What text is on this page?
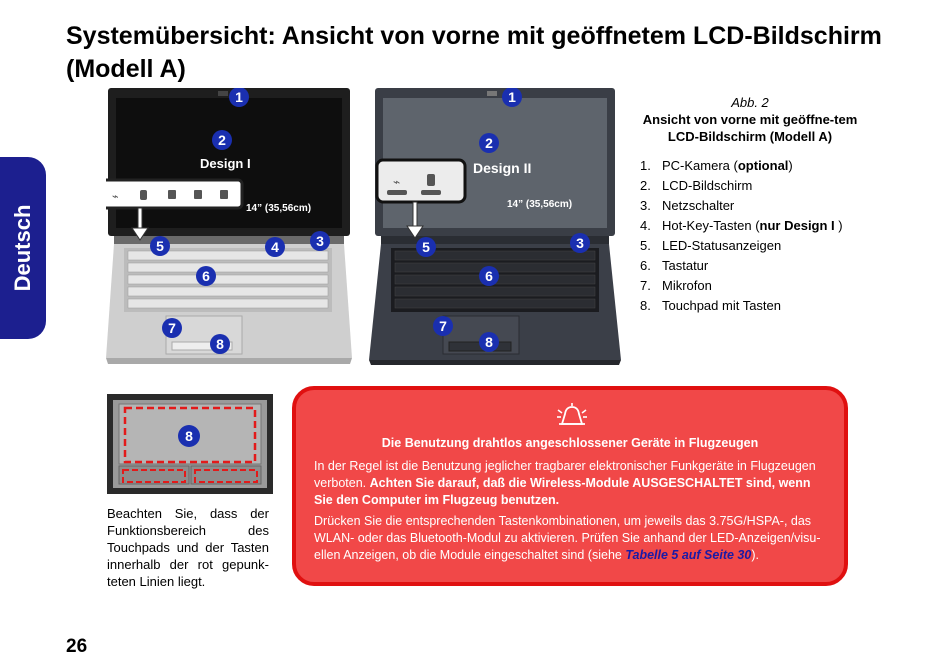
Systemübersicht: Ansicht von vorne mit geöffnetem LCD-Bildschirm (Modell A)
Deutsch
⌁
Design I
14” (35,56cm)
1
2
3
4
5
6
7
8
⌁
Design II
14” (35,56cm)
1
2
3
5
6
7
8
Abb. 2
Ansicht von vorne mit geöffne-tem LCD-Bildschirm (Modell A)
1. PC-Kamera (optional)
2. LCD-Bildschirm
3. Netzschalter
4. Hot-Key-Tasten (nur Design I )
5. LED-Statusanzeigen
6. Tastatur
7. Mikrofon
8. Touchpad mit Tasten
8
Beachten Sie, dass der Funktionsbereich des Touchpads und der Tasten innerhalb der rot gepunk-teten Linien liegt.
Die Benutzung drahtlos angeschlossener Geräte in Flugzeugen
In der Regel ist die Benutzung jeglicher tragbarer elektronischer Funkgeräte in Flugzeugen verboten. Achten Sie darauf, daß die Wireless-Module AUSGESCHALTET sind, wenn Sie den Computer im Flugzeug benutzen.
Drücken Sie die entsprechenden Tastenkombinationen, um jeweils das 3.75G/HSPA-, das WLAN- oder das Bluetooth-Modul zu aktivieren. Prüfen Sie anhand der LED-Anzeigen/visu-ellen Anzeigen, ob die Module eingeschaltet sind (siehe Tabelle 5 auf Seite 30).
26
